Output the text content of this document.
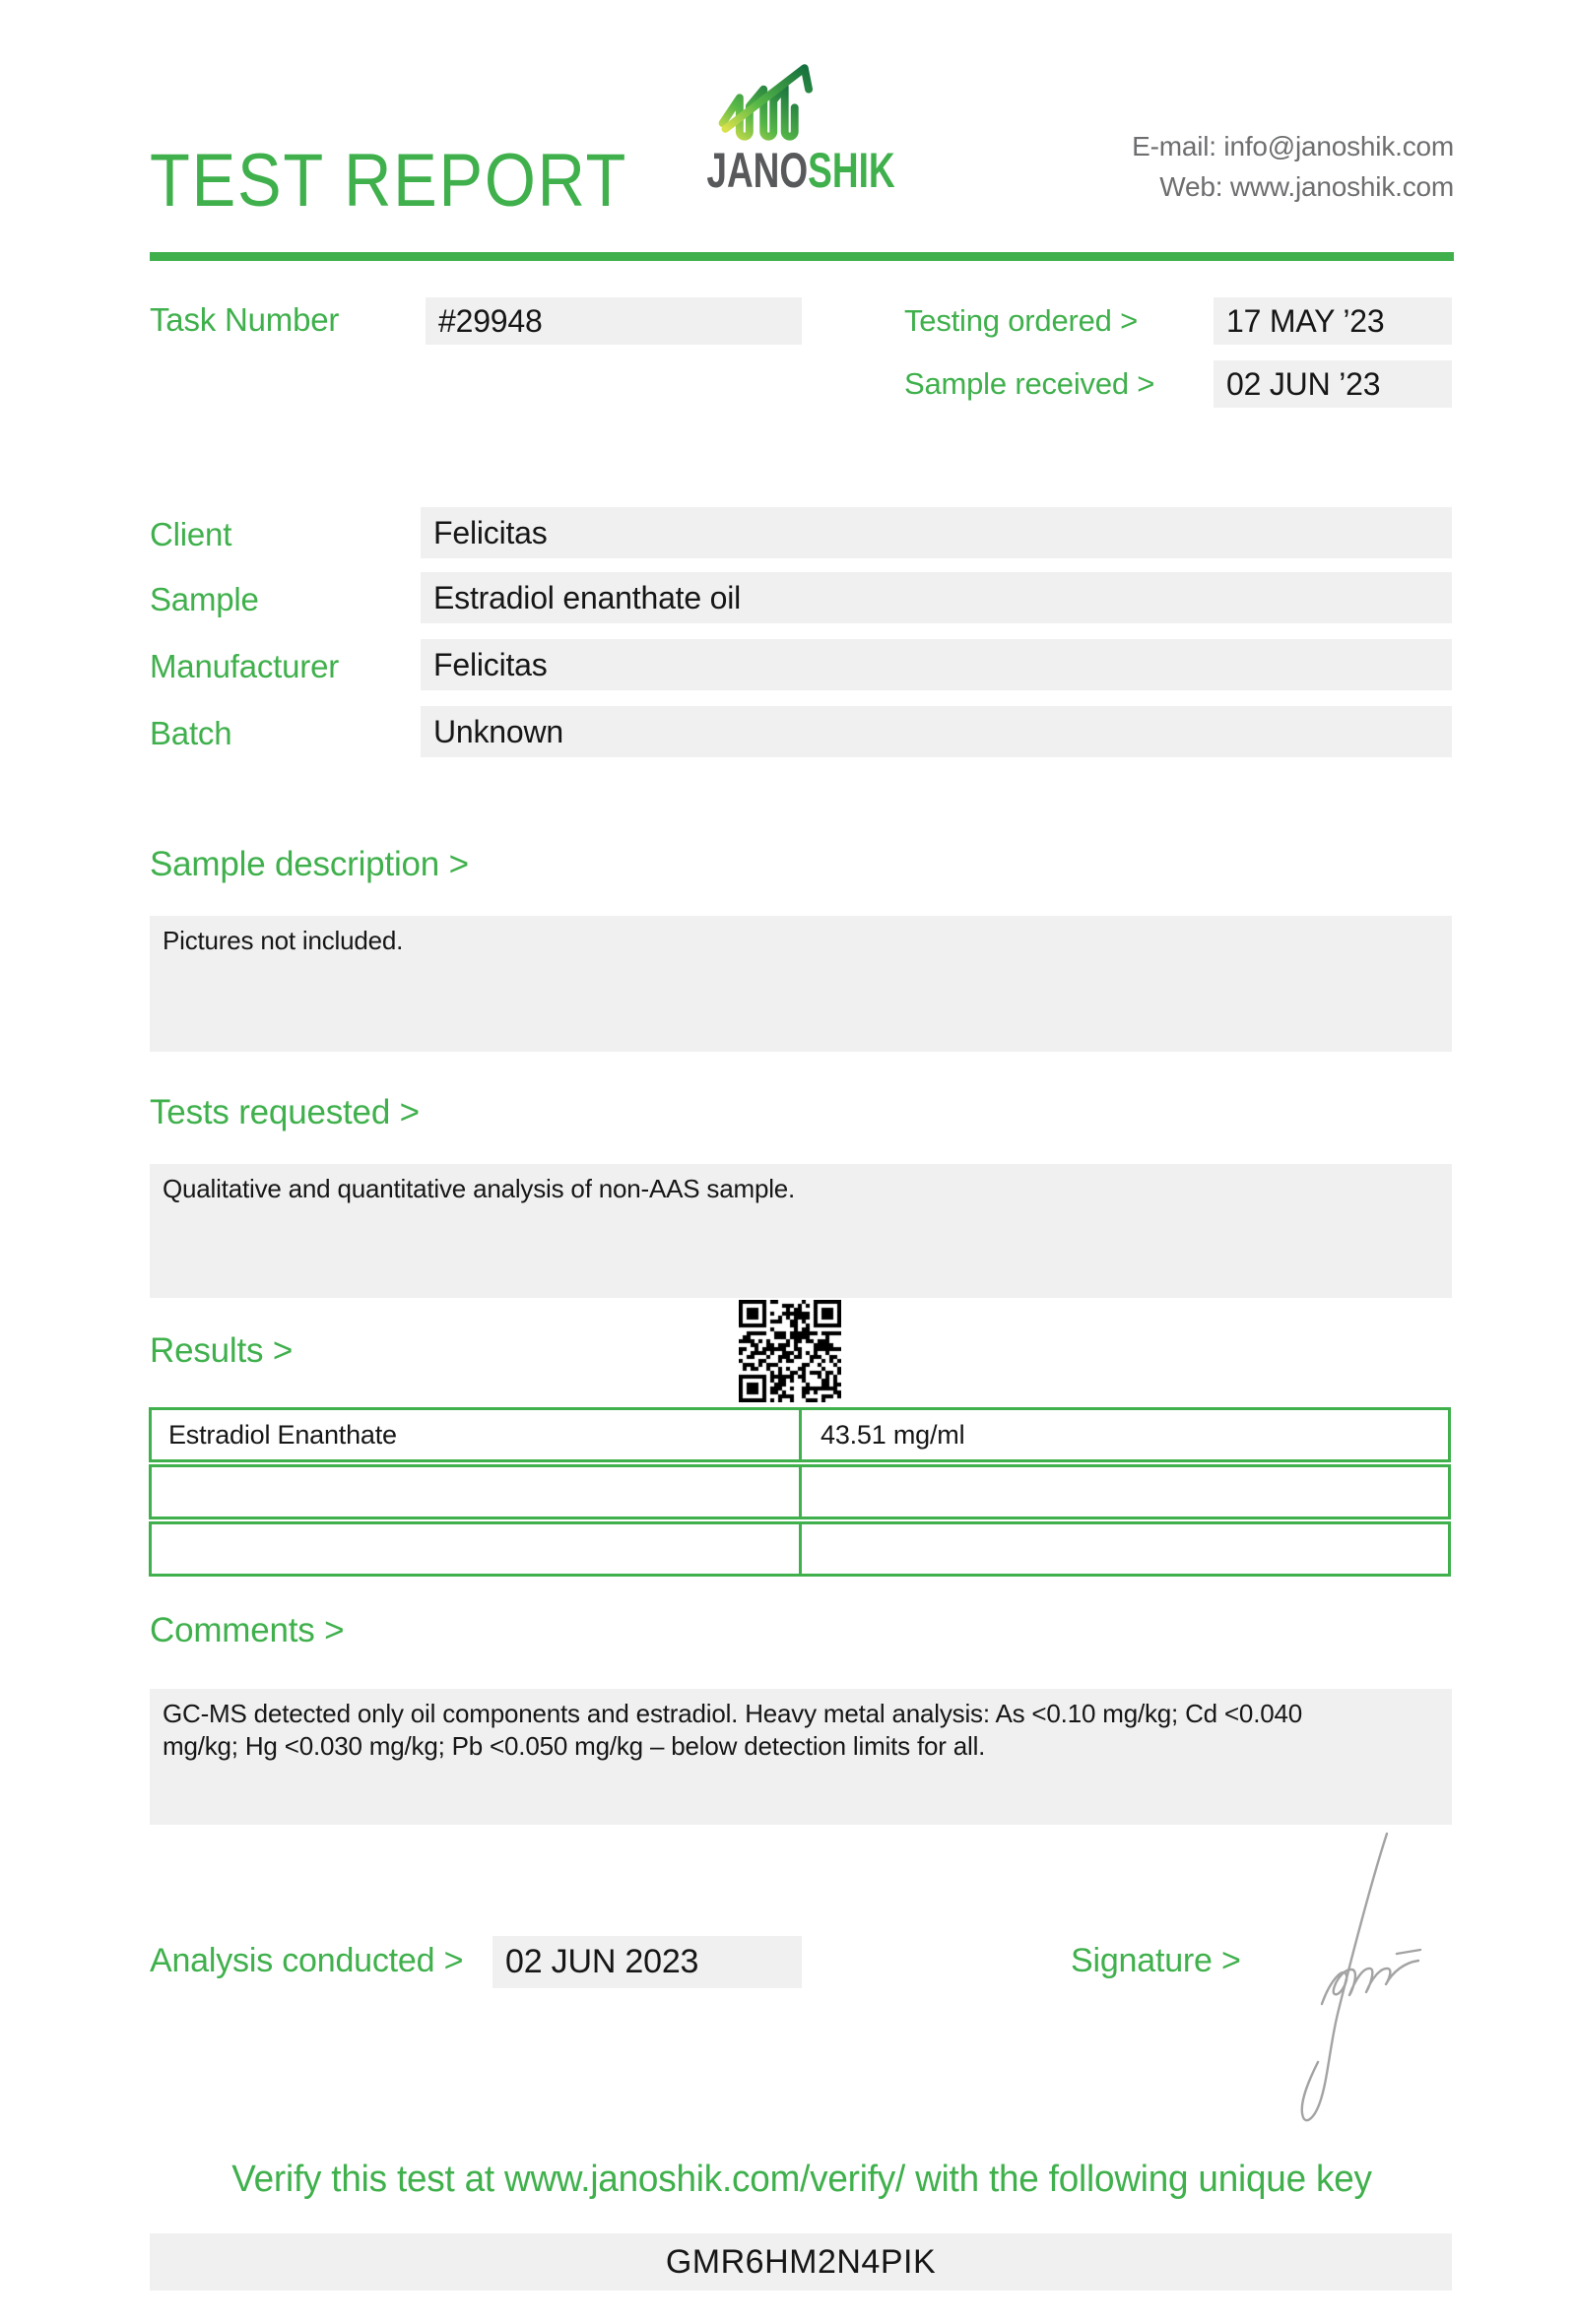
TEST REPORT JANOSHIK	E-mail: info@janoshik.com
Web: www.janoshik.com
Task Number	#29948	Testing ordered >	17 MAY ’23
Sample received >	02 JUN ’23
Client	Felicitas
Sample	Estradiol enanthate oil
Manufacturer	Felicitas
Batch	Unknown
Sample description >
Pictures not included.
Tests requested >
Qualitative and quantitative analysis of non-AAS sample.
Results >
Estradiol Enanthate	43.51 mg/ml
Comments >
GC-MS detected only oil components and estradiol. Heavy metal analysis: As <0.10 mg/kg; Cd <0.040 mg/kg; Hg <0.030 mg/kg; Pb <0.050 mg/kg – below detection limits for all.
Analysis conducted >	02 JUN 2023	Signature >
Verify this test at www.janoshik.com/verify/ with the following unique key
GMR6HM2N4PIK
